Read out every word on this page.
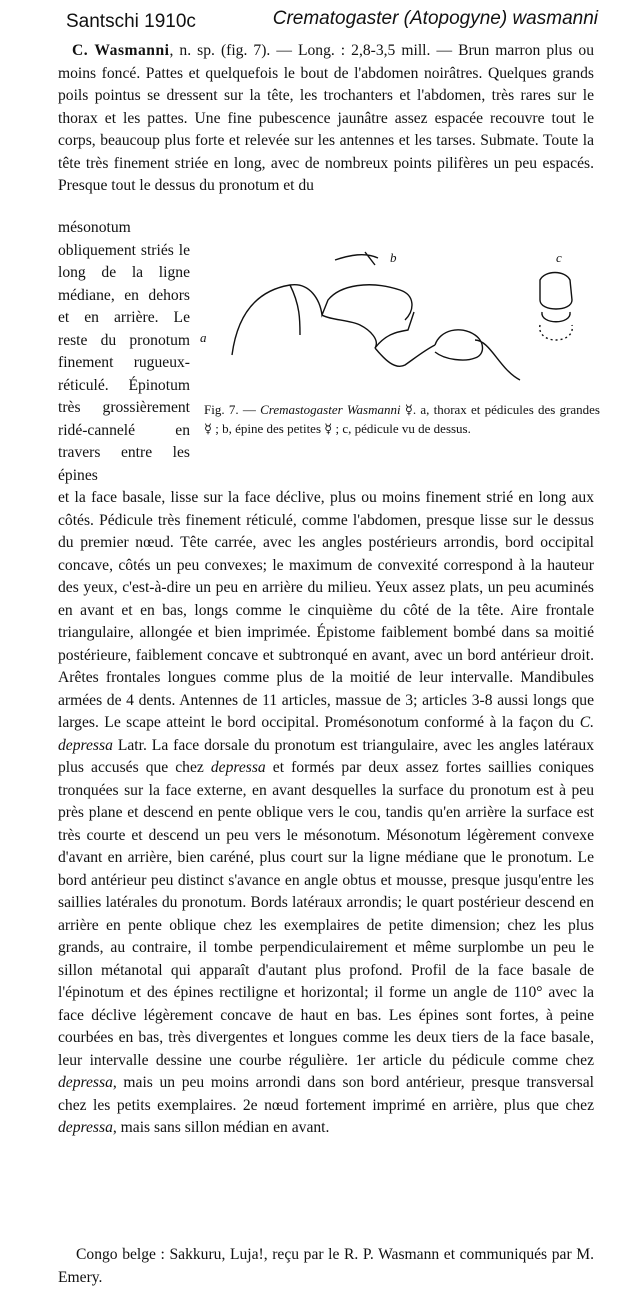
Santschi 1910c	Crematogaster (Atopogyne) wasmanni
C. Wasmanni, n. sp. (fig. 7). — Long. : 2,8-3,5 mill. — Brun marron plus ou moins foncé. Pattes et quelquefois le bout de l'abdomen noirâtres. Quelques grands poils pointus se dressent sur la tête, les trochanters et l'abdomen, très rares sur le thorax et les pattes. Une fine pubescence jaunâtre assez espacée recouvre tout le corps, beaucoup plus forte et relevée sur les antennes et les tarses. Submate. Toute la tête très finement striée en long, avec de nombreux points pilifères un peu espacés. Presque tout le dessus du pronotum et du
mésonotum obliquement striés le long de la ligne médiane, en dehors et en arrière. Le reste du pronotum finement rugueux-réticulé. Épinotum très grossièrement ridé-cannelé en travers entre les épines
a
b	c
Fig. 7. — Cremastogaster Wasmanni ☿. a, thorax et pédicules des grandes ☿ ; b, épine des petites ☿ ; c, pédicule vu de dessus.
et la face basale, lisse sur la face déclive, plus ou moins finement strié en long aux côtés. Pédicule très finement réticulé, comme l'abdomen, presque lisse sur le dessus du premier nœud. Tête carrée, avec les angles postérieurs arrondis, bord occipital concave, côtés un peu convexes; le maximum de convexité correspond à la hauteur des yeux, c'est-à-dire un peu en arrière du milieu. Yeux assez plats, un peu acuminés en avant et en bas, longs comme le cinquième du côté de la tête. Aire frontale triangulaire, allongée et bien imprimée. Épistome faiblement bombé dans sa moitié postérieure, faiblement concave et subtronqué en avant, avec un bord antérieur droit. Arêtes frontales longues comme plus de la moitié de leur intervalle. Mandibules armées de 4 dents. Antennes de 11 articles, massue de 3; articles 3-8 aussi longs que larges. Le scape atteint le bord occipital. Promésonotum conformé à la façon du C. depressa Latr. La face dorsale du pronotum est triangulaire, avec les angles latéraux plus accusés que chez depressa et formés par deux assez fortes saillies coniques tronquées sur la face externe, en avant desquelles la surface du pronotum est à peu près plane et descend en pente oblique vers le cou, tandis qu'en arrière la surface est très courte et descend un peu vers le mésonotum. Mésonotum légèrement convexe d'avant en arrière, bien caréné, plus court sur la ligne médiane que le pronotum. Le bord antérieur peu distinct s'avance en angle obtus et mousse, presque jusqu'entre les saillies latérales du pronotum. Bords latéraux arrondis; le quart postérieur descend en arrière en pente oblique chez les exemplaires de petite dimension; chez les plus grands, au contraire, il tombe perpendiculairement et même surplombe un peu le sillon métanotal qui apparaît d'autant plus profond. Profil de la face basale de l'épinotum et des épines rectiligne et horizontal; il forme un angle de 110° avec la face déclive légèrement concave de haut en bas. Les épines sont fortes, à peine courbées en bas, très divergentes et longues comme les deux tiers de la face basale, leur intervalle dessine une courbe régulière. 1er article du pédicule comme chez depressa, mais un peu moins arrondi dans son bord antérieur, presque transversal chez les petits exemplaires. 2e nœud fortement imprimé en arrière, plus que chez depressa, mais sans sillon médian en avant.
Congo belge : Sakkuru, Luja!, reçu par le R. P. Wasmann et communiqués par M. Emery.
